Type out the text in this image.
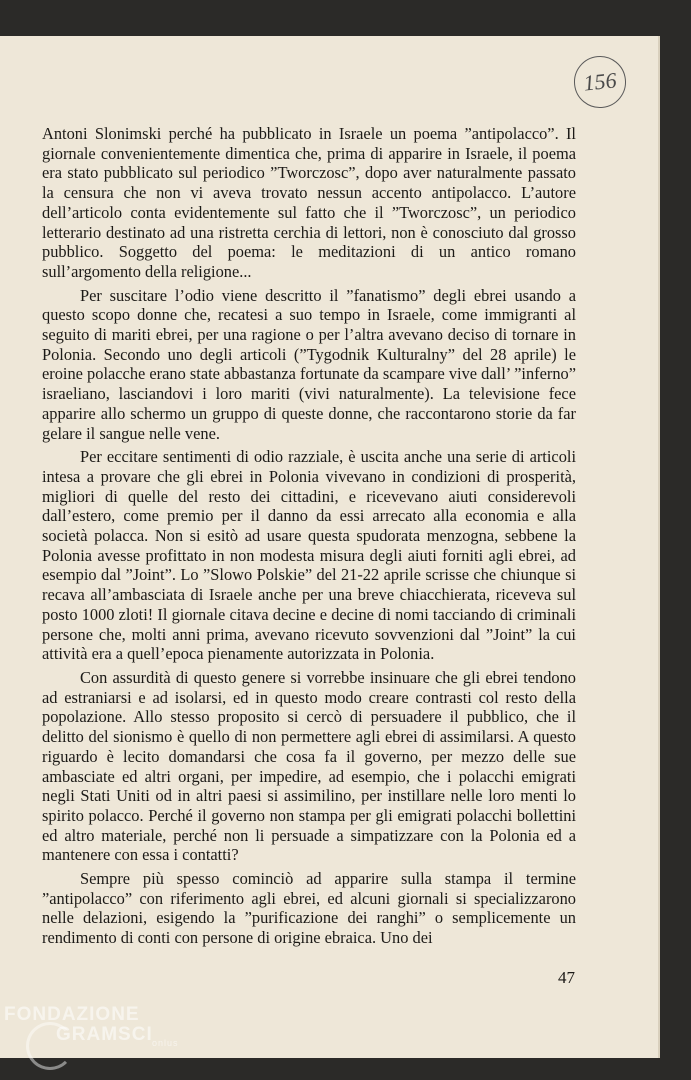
156

Antoni Slonimski perché ha pubblicato in Israele un poema ”antipolacco”. Il giornale convenientemente dimentica che, prima di apparire in Israele, il poema era stato pubblicato sul periodico ”Tworczosc”, dopo aver naturalmente passato la censura che non vi aveva trovato nessun accento antipolacco. L’autore dell’articolo conta evidentemente sul fatto che il ”Tworczosc”, un periodico letterario destinato ad una ristretta cerchia di lettori, non è conosciuto dal grosso pubblico. Soggetto del poema: le meditazioni di un antico romano sull’argomento della religione...

Per suscitare l’odio viene descritto il ”fanatismo” degli ebrei usando a questo scopo donne che, recatesi a suo tempo in Israele, come immigranti al seguito di mariti ebrei, per una ragione o per l’altra avevano deciso di tornare in Polonia. Secondo uno degli articoli (”Tygodnik Kulturalny” del 28 aprile) le eroine polacche erano state abbastanza fortunate da scampare vive dall’ ”inferno” israeliano, lasciandovi i loro mariti (vivi naturalmente). La televisione fece apparire allo schermo un gruppo di queste donne, che raccontarono storie da far gelare il sangue nelle vene.

Per eccitare sentimenti di odio razziale, è uscita anche una serie di articoli intesa a provare che gli ebrei in Polonia vivevano in condizioni di prosperità, migliori di quelle del resto dei cittadini, e ricevevano aiuti considerevoli dall’estero, come premio per il danno da essi arrecato alla economia e alla società polacca. Non si esitò ad usare questa spudorata menzogna, sebbene la Polonia avesse profittato in non modesta misura degli aiuti forniti agli ebrei, ad esempio dal ”Joint”. Lo ”Slowo Polskie” del 21-22 aprile scrisse che chiunque si recava all’ambasciata di Israele anche per una breve chiacchierata, riceveva sul posto 1000 zloti! Il giornale citava decine e decine di nomi tacciando di criminali persone che, molti anni prima, avevano ricevuto sovvenzioni dal ”Joint” la cui attività era a quell’epoca pienamente autorizzata in Polonia.

Con assurdità di questo genere si vorrebbe insinuare che gli ebrei tendono ad estraniarsi e ad isolarsi, ed in questo modo creare contrasti col resto della popolazione. Allo stesso proposito si cercò di persuadere il pubblico, che il delitto del sionismo è quello di non permettere agli ebrei di assimilarsi. A questo riguardo è lecito domandarsi che cosa fa il governo, per mezzo delle sue ambasciate ed altri organi, per impedire, ad esempio, che i polacchi emigrati negli Stati Uniti od in altri paesi si assimilino, per instillare nelle loro menti lo spirito polacco. Perché il governo non stampa per gli emigrati polacchi bollettini ed altro materiale, perché non li persuade a simpatizzare con la Polonia ed a mantenere con essa i contatti?

Sempre più spesso cominciò ad apparire sulla stampa il termine ”antipolacco” con riferimento agli ebrei, ed alcuni giornali si specializzarono nelle delazioni, esigendo la ”purificazione dei ranghi” o semplicemente un rendimento di conti con persone di origine ebraica. Uno dei

47
FONDAZIONE
GRAMSCI onlus
